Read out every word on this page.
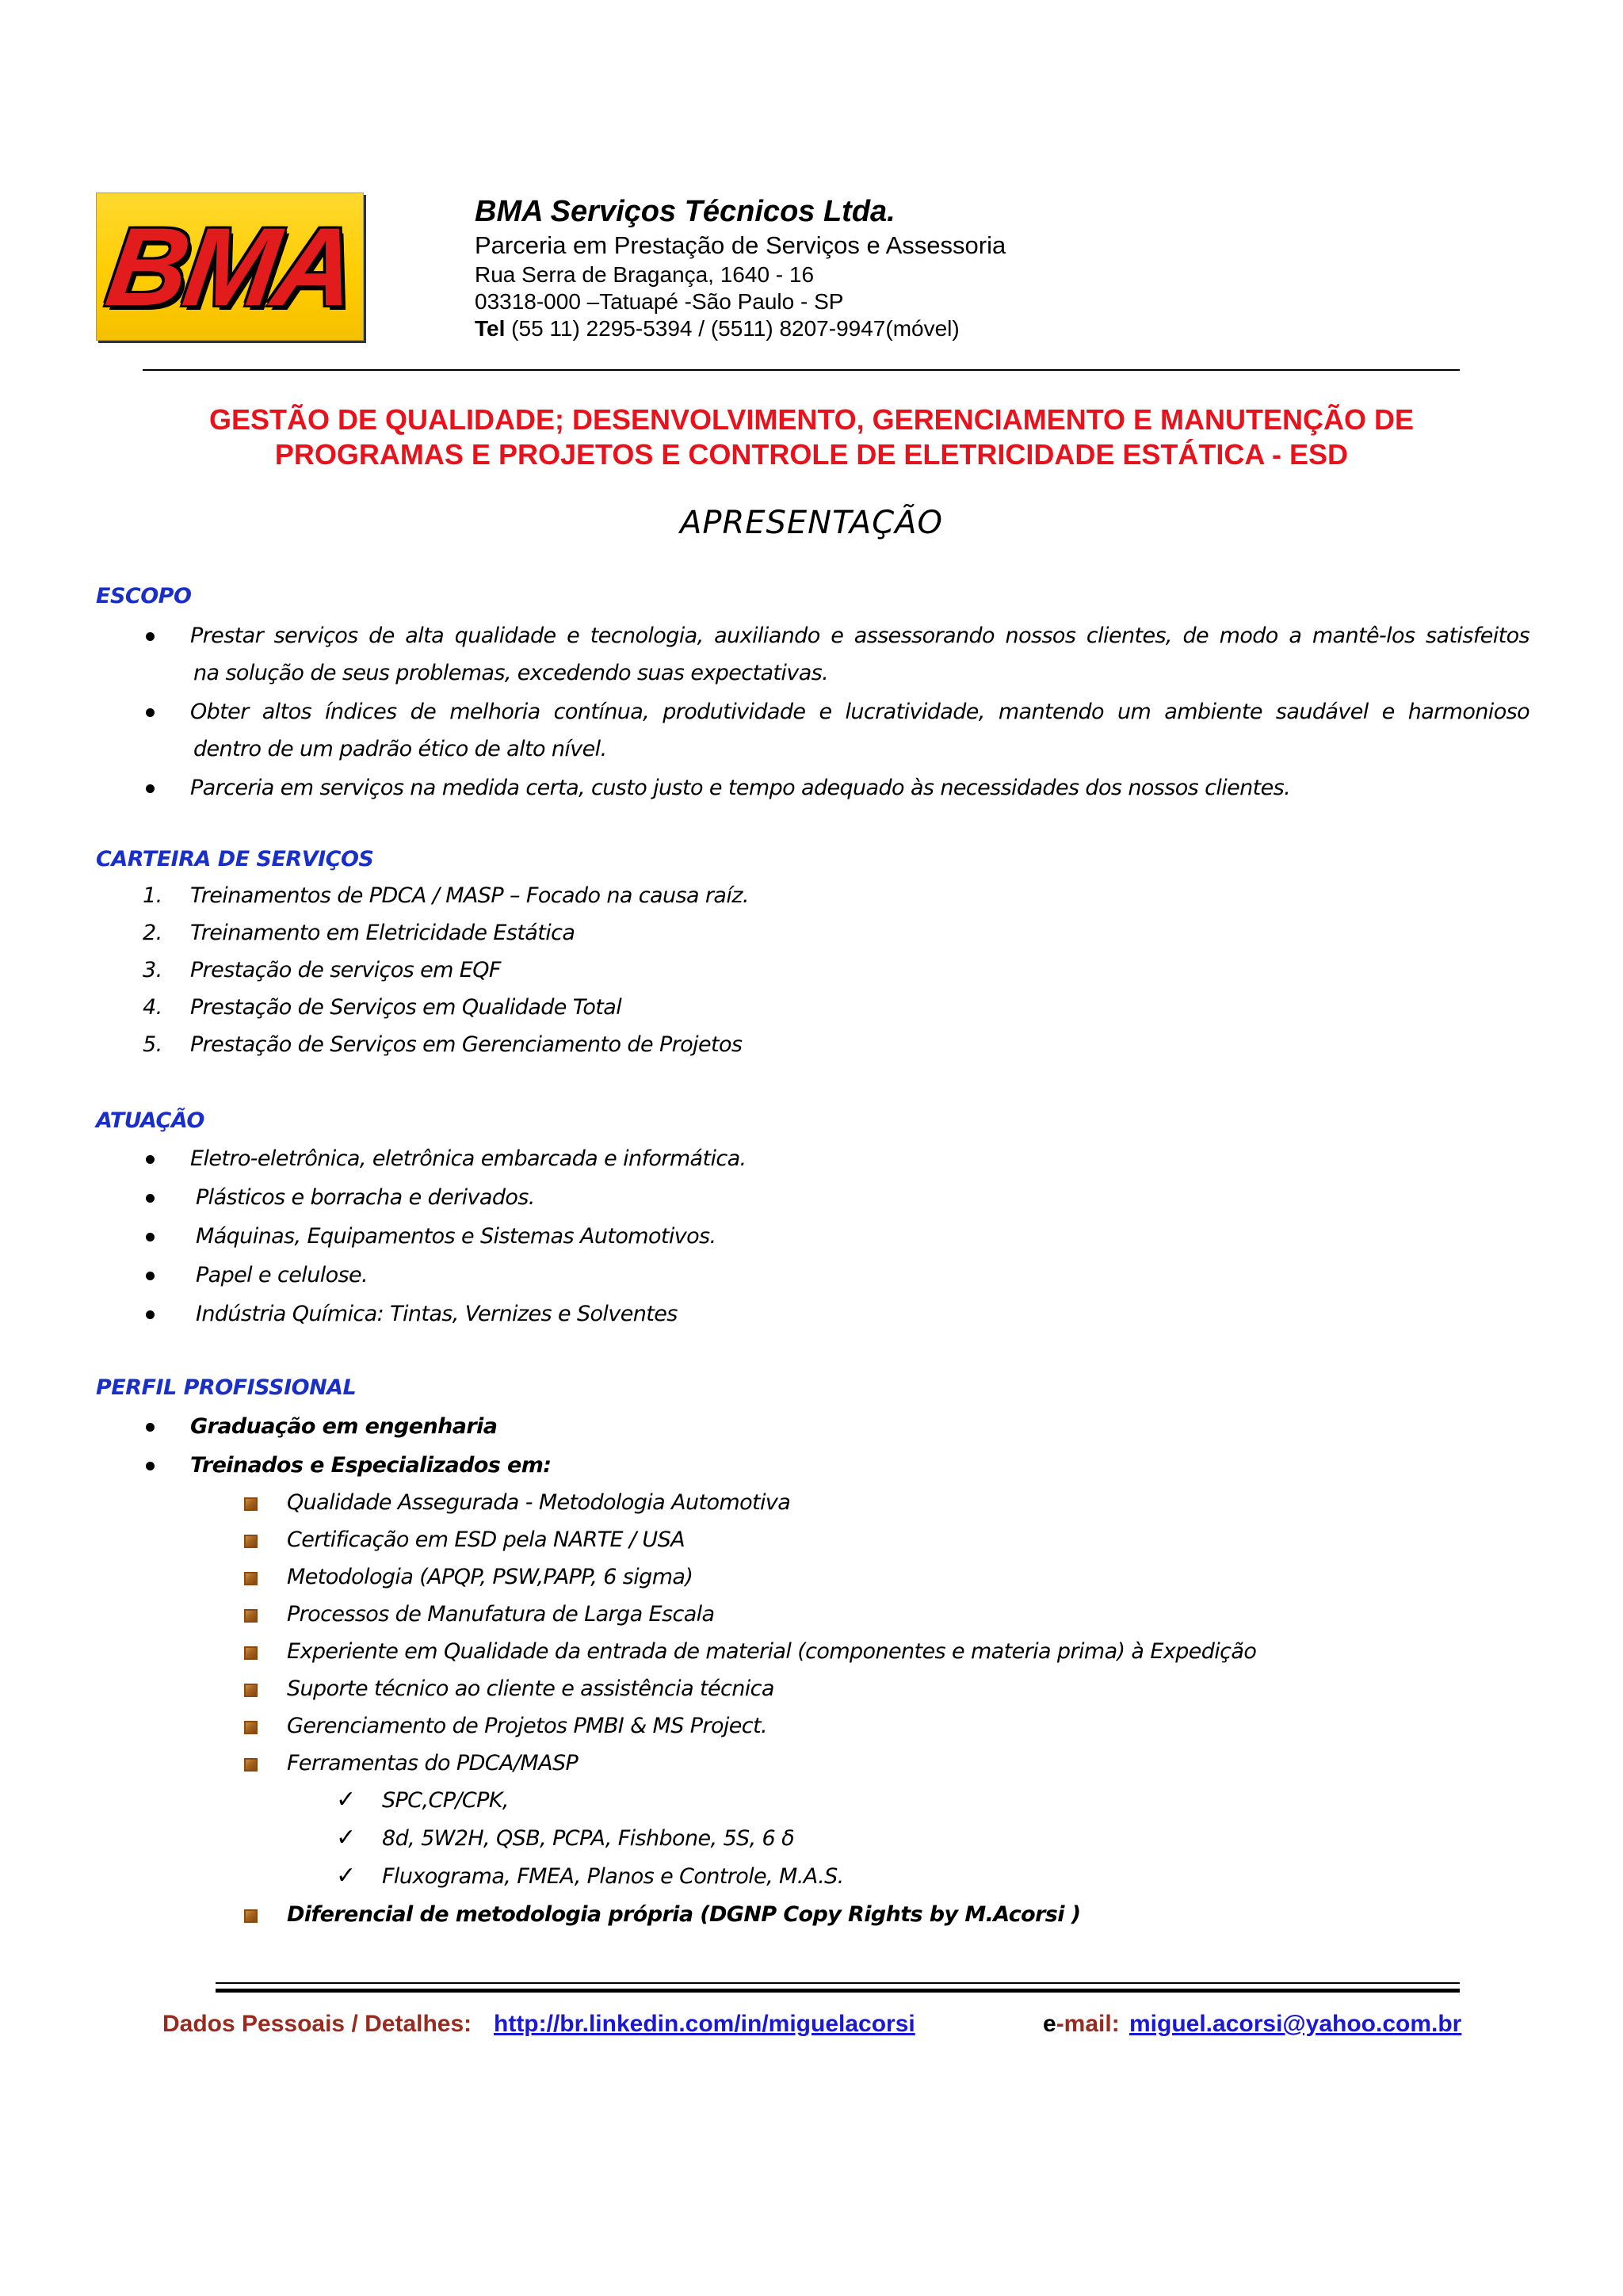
BMA	BMA Serviços Técnicos Ltda.
Parceria em Prestação de Serviços e Assessoria
Rua Serra de Bragança, 1640 - 16
03318-000 –Tatuapé -São Paulo - SP
Tel (55 11) 2295-5394 / (5511) 8207-9947(móvel)
GESTÃO DE QUALIDADE; DESENVOLVIMENTO, GERENCIAMENTO E MANUTENÇÃO DE
PROGRAMAS E PROJETOS E CONTROLE DE ELETRICIDADE ESTÁTICA - ESD
APRESENTAÇÃO
ESCOPO
Prestar serviços de alta qualidade e tecnologia, auxiliando e assessorando nossos clientes, de modo a mantê-los satisfeitos
na solução de seus problemas, excedendo suas expectativas.
Obter altos índices de melhoria contínua, produtividade e lucratividade, mantendo um ambiente saudável e harmonioso
dentro de um padrão ético de alto nível.
Parceria em serviços na medida certa, custo justo e tempo adequado às necessidades dos nossos clientes.
CARTEIRA DE SERVIÇOS
1. Treinamentos de PDCA / MASP – Focado na causa raíz.
2. Treinamento em Eletricidade Estática
3. Prestação de serviços em EQF
4. Prestação de Serviços em Qualidade Total
5. Prestação de Serviços em Gerenciamento de Projetos
ATUAÇÃO
Eletro-eletrônica, eletrônica embarcada e informática.
Plásticos e borracha e derivados.
Máquinas, Equipamentos e Sistemas Automotivos.
Papel e celulose.
Indústria Química: Tintas, Vernizes e Solventes
PERFIL PROFISSIONAL
Graduação em engenharia
Treinados e Especializados em:
Qualidade Assegurada - Metodologia Automotiva
Certificação em ESD pela NARTE / USA
Metodologia (APQP, PSW,PAPP, 6 sigma)
Processos de Manufatura de Larga Escala
Experiente em Qualidade da entrada de material (componentes e materia prima) à Expedição
Suporte técnico ao cliente e assistência técnica
Gerenciamento de Projetos PMBI & MS Project.
Ferramentas do PDCA/MASP
✓ SPC,CP/CPK,
✓ 8d, 5W2H, QSB, PCPA, Fishbone, 5S, 6 δ
✓ Fluxograma, FMEA, Planos e Controle, M.A.S.
Diferencial de metodologia própria (DGNP Copy Rights by M.Acorsi )
Dados Pessoais / Detalhes: http://br.linkedin.com/in/miguelacorsi	e-mail: miguel.acorsi@yahoo.com.br
